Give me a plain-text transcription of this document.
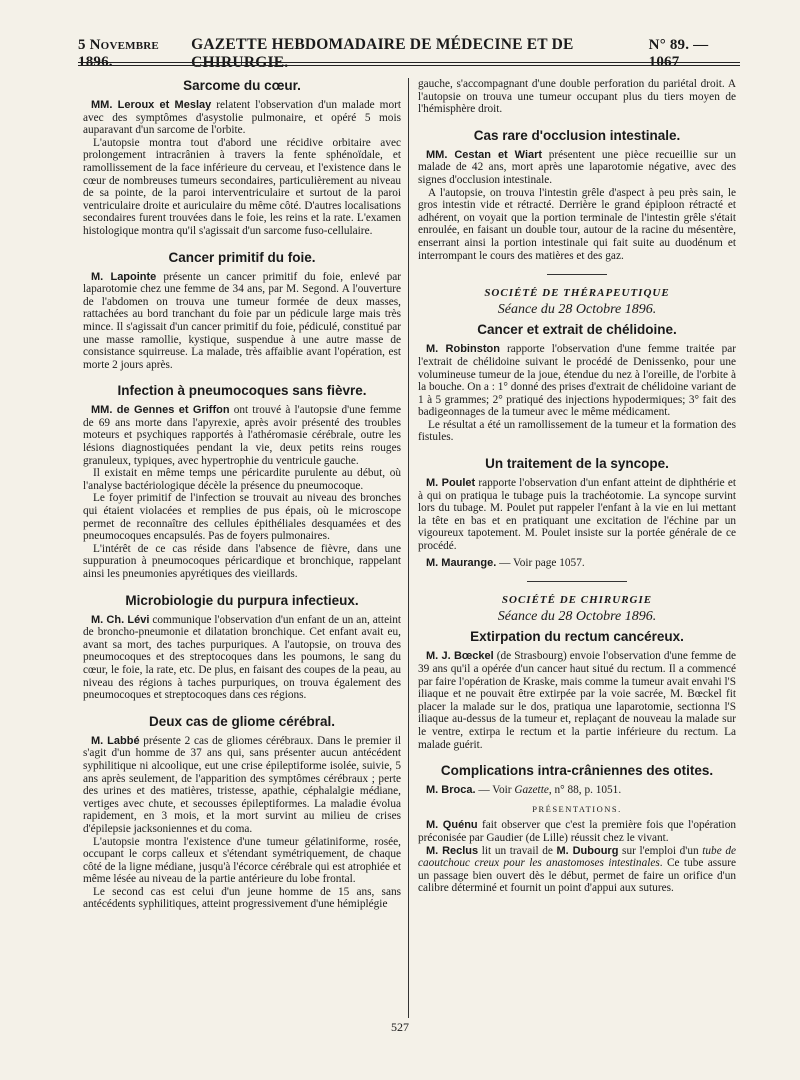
5 Novembre 1896.
GAZETTE HEBDOMADAIRE DE MÉDECINE ET DE CHIRURGIE.
N° 89. — 1067
Sarcome du cœur.

MM. Leroux et Meslay relatent l'observation d'un malade mort avec des symptômes d'asystolie pulmonaire, et opéré 5 mois auparavant d'un sarcome de l'orbite.

L'autopsie montra tout d'abord une récidive orbitaire avec prolongement intracrânien à travers la fente sphénoïdale, et ramollissement de la face inférieure du cerveau, et l'existence dans le cœur de nombreuses tumeurs secondaires, particulièrement au niveau de sa pointe, de la paroi interventriculaire et surtout de la paroi ventriculaire droite et auriculaire du même côté. D'autres localisations secondaires furent trouvées dans le foie, les reins et la rate. L'examen histologique montra qu'il s'agissait d'un sarcome fuso-cellulaire.

Cancer primitif du foie.

M. Lapointe présente un cancer primitif du foie, enlevé par laparotomie chez une femme de 34 ans, par M. Segond. A l'ouverture de l'abdomen on trouva une tumeur formée de deux masses, rattachées au bord tranchant du foie par un pédicule large mais très mince. Il s'agissait d'un cancer primitif du foie, pédiculé, constitué par une masse ramollie, kystique, suspendue à une autre masse de consistance squirreuse. La malade, très affaiblie avant l'opération, est morte 2 jours après.

Infection à pneumocoques sans fièvre.

MM. de Gennes et Griffon ont trouvé à l'autopsie d'une femme de 69 ans morte dans l'apyrexie, après avoir présenté des troubles moteurs et psychiques rapportés à l'athéromasie cérébrale, outre les lésions diagnostiquées pendant la vie, deux petits reins rouges granuleux, typiques, avec hypertrophie du ventricule gauche.

Il existait en même temps une péricardite purulente au début, où l'analyse bactériologique décèle la présence du pneumocoque.

Le foyer primitif de l'infection se trouvait au niveau des bronches qui étaient violacées et remplies de pus épais, où le microscope permet de reconnaître des cellules épithéliales desquamées et des pneumocoques encapsulés. Pas de foyers pulmonaires.

L'intérêt de ce cas réside dans l'absence de fièvre, dans une suppuration à pneumocoques péricardique et bronchique, rappelant ainsi les pneumonies apyrétiques des vieillards.

Microbiologie du purpura infectieux.

M. Ch. Lévi communique l'observation d'un enfant de un an, atteint de broncho-pneumonie et dilatation bronchique. Cet enfant avait eu, avant sa mort, des taches purpuriques. A l'autopsie, on trouva des pneumocoques et des streptocoques dans les poumons, le sang du cœur, le foie, la rate, etc. De plus, en faisant des coupes de la peau, au niveau des régions à taches purpuriques, on trouva également des pneumocoques et streptocoques dans ces régions.

Deux cas de gliome cérébral.

M. Labbé présente 2 cas de gliomes cérébraux. Dans le premier il s'agit d'un homme de 37 ans qui, sans présenter aucun antécédent syphilitique ni alcoolique, eut une crise épileptiforme isolée, suivie, 5 ans après seulement, de l'apparition des symptômes cérébraux ; perte des urines et des matières, tristesse, apathie, céphalalgie médiane, vertiges avec chute, et secousses épileptiformes. La maladie évolua rapidement, en 3 mois, et la mort survint au milieu de crises d'épilepsie jacksoniennes et du coma.

L'autopsie montra l'existence d'une tumeur gélatiniforme, rosée, occupant le corps calleux et s'étendant symétriquement, de chaque côté de la ligne médiane, jusqu'à l'écorce cérébrale qui est atrophiée et même lésée au niveau de la partie antérieure du lobe frontal.

Le second cas est celui d'un jeune homme de 15 ans, sans antécédents syphilitiques, atteint progressivement d'une hémiplégie

gauche, s'accompagnant d'une double perforation du pariétal droit. A l'autopsie on trouva une tumeur occupant plus du tiers moyen de l'hémisphère droit.

Cas rare d'occlusion intestinale.

MM. Cestan et Wiart présentent une pièce recueillie sur un malade de 42 ans, mort après une laparotomie négative, avec des signes d'occlusion intestinale.

A l'autopsie, on trouva l'intestin grêle d'aspect à peu près sain, le gros intestin vide et rétracté. Derrière le grand épiploon rétracté et adhérent, on voyait que la portion terminale de l'intestin grêle s'était enroulée, en faisant un double tour, autour de la racine du mésentère, enserrant ainsi la portion intestinale qui fait suite au duodénum et interrompant le cours des matières et des gaz.

SOCIÉTÉ DE THÉRAPEUTIQUE
Séance du 28 Octobre 1896.
Cancer et extrait de chélidoine.

M. Robinston rapporte l'observation d'une femme traitée par l'extrait de chélidoine suivant le procédé de Denissenko, pour une volumineuse tumeur de la joue, étendue du nez à l'oreille, de l'orbite à la bouche. On a : 1° donné des prises d'extrait de chélidoine variant de 1 à 5 grammes; 2° pratiqué des injections hypodermiques; 3° fait des badigeonnages de la tumeur avec le même médicament.

Le résultat a été un ramollissement de la tumeur et la formation des fistules.

Un traitement de la syncope.

M. Poulet rapporte l'observation d'un enfant atteint de diphthérie et à qui on pratiqua le tubage puis la trachéotomie. La syncope survint lors du tubage. M. Poulet put rappeler l'enfant à la vie en lui mettant la tête en bas et en pratiquant une excitation de l'échine par un vigoureux tapotement. M. Poulet insiste sur la portée générale de ce procédé.

M. Maurange. — Voir page 1057.

SOCIÉTÉ DE CHIRURGIE
Séance du 28 Octobre 1896.
Extirpation du rectum cancéreux.

M. J. Bœckel (de Strasbourg) envoie l'observation d'une femme de 39 ans qu'il a opérée d'un cancer haut situé du rectum. Il a commencé par faire l'opération de Kraske, mais comme la tumeur avait envahi l'S iliaque et ne pouvait être extirpée par la voie sacrée, M. Bœckel fit placer la malade sur le dos, pratiqua une laparotomie, sectionna l'S iliaque au-dessus de la tumeur et, replaçant de nouveau la malade sur le ventre, extirpa le rectum et la partie inférieure du rectum. La malade guérit.

Complications intra-crâniennes des otites.

M. Broca. — Voir Gazette, n° 88, p. 1051.

PRÉSENTATIONS.

M. Quénu fait observer que c'est la première fois que l'opération préconisée par Gaudier (de Lille) réussit chez le vivant.

M. Reclus lit un travail de M. Dubourg sur l'emploi d'un tube de caoutchouc creux pour les anastomoses intestinales. Ce tube assure un passage bien ouvert dès le début, permet de faire un orifice d'un calibre déterminé et fournit un point d'appui aux sutures.

527
